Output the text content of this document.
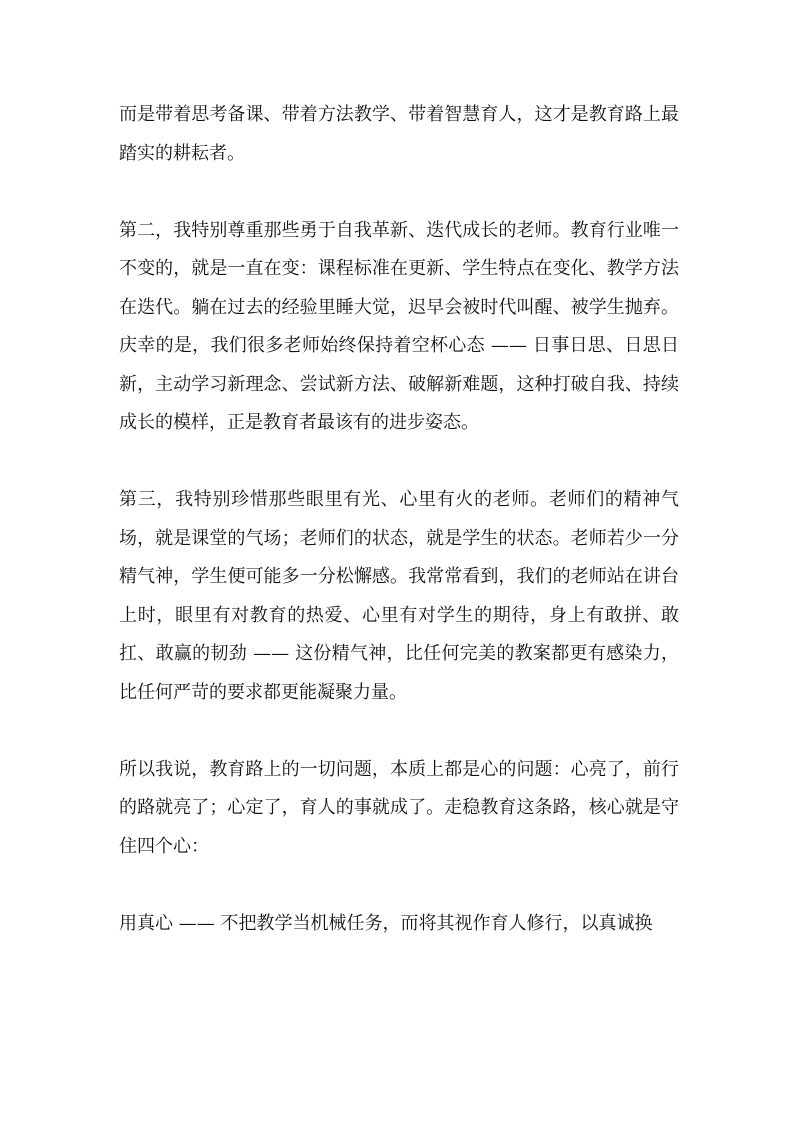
而是带着思考备课、带着方法教学、带着智慧育人，这才是教育路上最踏实的耕耘者。

第二，我特别尊重那些勇于自我革新、迭代成长的老师。教育行业唯一不变的，就是一直在变：课程标准在更新、学生特点在变化、教学方法在迭代。躺在过去的经验里睡大觉，迟早会被时代叫醒、被学生抛弃。庆幸的是，我们很多老师始终保持着空杯心态 —— 日事日思、日思日新，主动学习新理念、尝试新方法、破解新难题，这种打破自我、持续成长的模样，正是教育者最该有的进步姿态。

第三，我特别珍惜那些眼里有光、心里有火的老师。老师们的精神气场，就是课堂的气场；老师们的状态，就是学生的状态。老师若少一分精气神，学生便可能多一分松懈感。我常常看到，我们的老师站在讲台上时，眼里有对教育的热爱、心里有对学生的期待，身上有敢拼、敢扛、敢赢的韧劲 —— 这份精气神，比任何完美的教案都更有感染力，比任何严苛的要求都更能凝聚力量。

所以我说，教育路上的一切问题，本质上都是心的问题：心亮了，前行的路就亮了；心定了，育人的事就成了。走稳教育这条路，核心就是守住四个心：

用真心 —— 不把教学当机械任务，而将其视作育人修行，以真诚换
